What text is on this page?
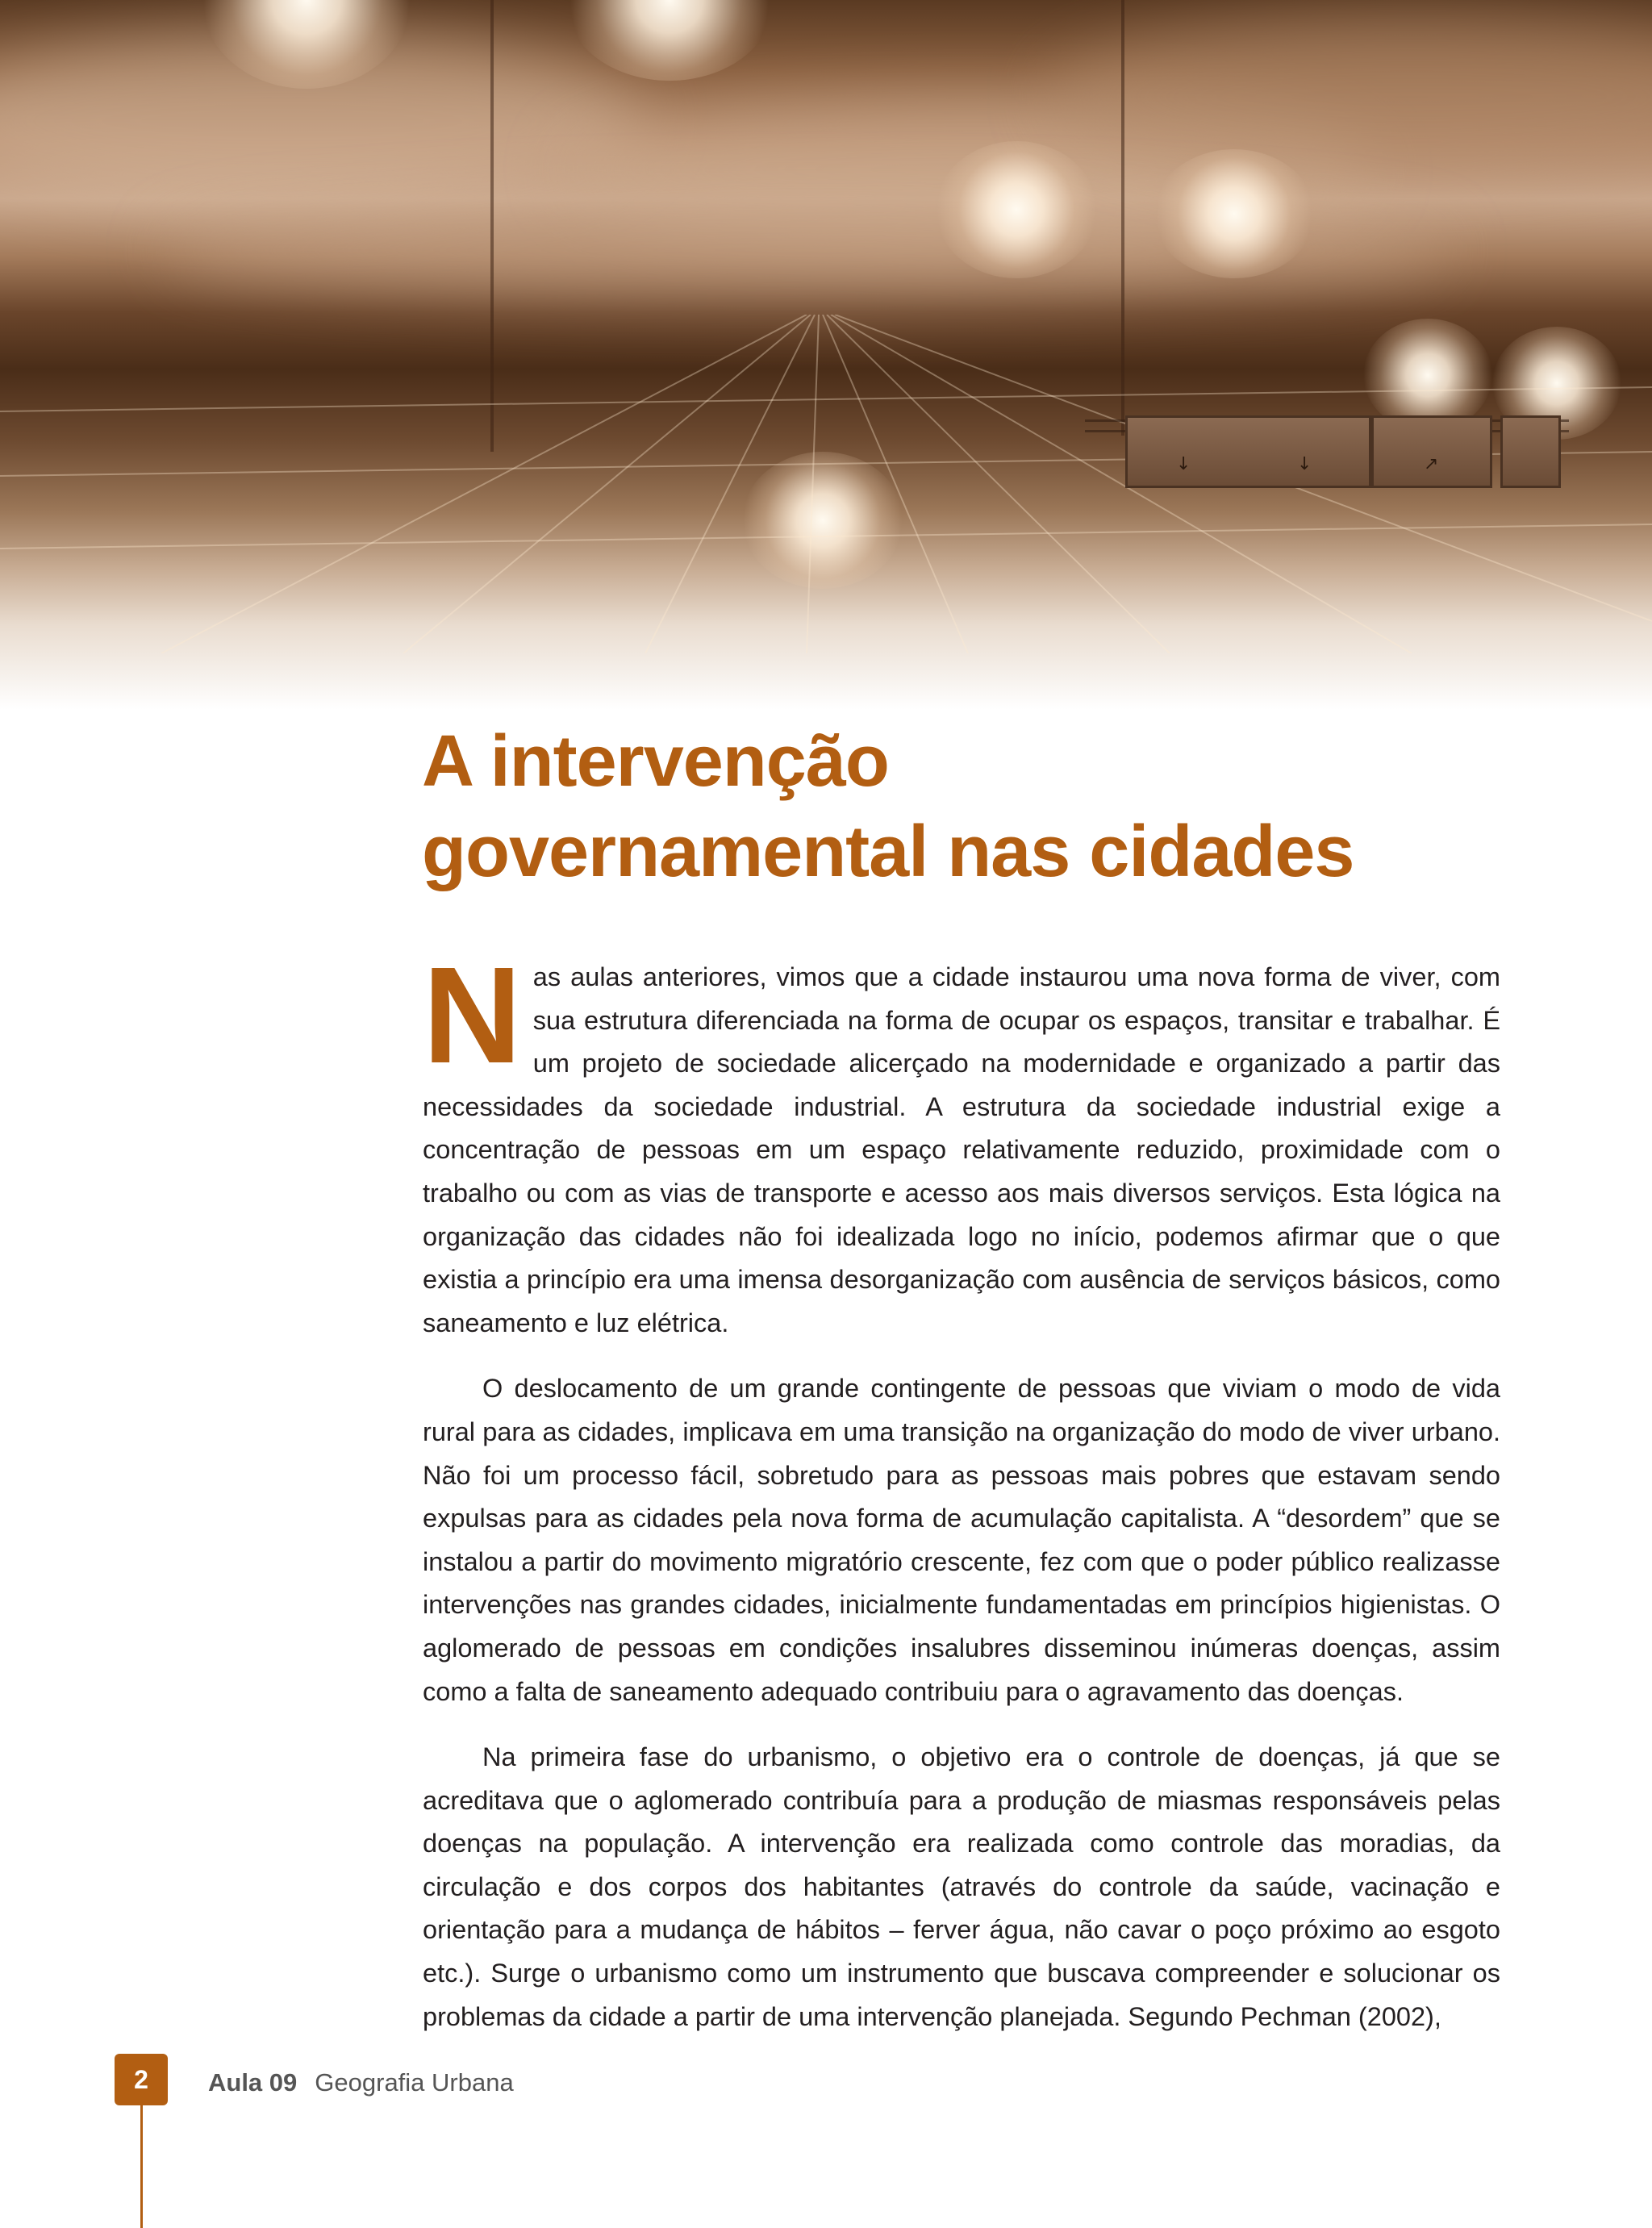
↓	↓	↗
A intervenção
governamental nas cidades

Nas aulas anteriores, vimos que a cidade instaurou uma nova forma de viver, com sua estrutura diferenciada na forma de ocupar os espaços, transitar e trabalhar. É um projeto de sociedade alicerçado na modernidade e organizado a partir das necessidades da sociedade industrial. A estrutura da sociedade industrial exige a concentração de pessoas em um espaço relativamente reduzido, proximidade com o trabalho ou com as vias de transporte e acesso aos mais diversos serviços. Esta lógica na organização das cidades não foi idealizada logo no início, podemos afirmar que o que existia a princípio era uma imensa desorganização com ausência de serviços básicos, como saneamento e luz elétrica.

O deslocamento de um grande contingente de pessoas que viviam o modo de vida rural para as cidades, implicava em uma transição na organização do modo de viver urbano. Não foi um processo fácil, sobretudo para as pessoas mais pobres que estavam sendo expulsas para as cidades pela nova forma de acumulação capitalista. A “desordem” que se instalou a partir do movimento migratório crescente, fez com que o poder público realizasse intervenções nas grandes cidades, inicialmente fundamentadas em princípios higienistas. O aglomerado de pessoas em condições insalubres disseminou inúmeras doenças, assim como a falta de saneamento adequado contribuiu para o agravamento das doenças.

Na primeira fase do urbanismo, o objetivo era o controle de doenças, já que se acreditava que o aglomerado contribuía para a produção de miasmas responsáveis pelas doenças na população. A intervenção era realizada como controle das moradias, da circulação e dos corpos dos habitantes (através do controle da saúde, vacinação e orientação para a mudança de hábitos – ferver água, não cavar o poço próximo ao esgoto etc.). Surge o urbanismo como um instrumento que buscava compreender e solucionar os problemas da cidade a partir de uma intervenção planejada. Segundo Pechman (2002),

2	Aula 09 Geografia Urbana
